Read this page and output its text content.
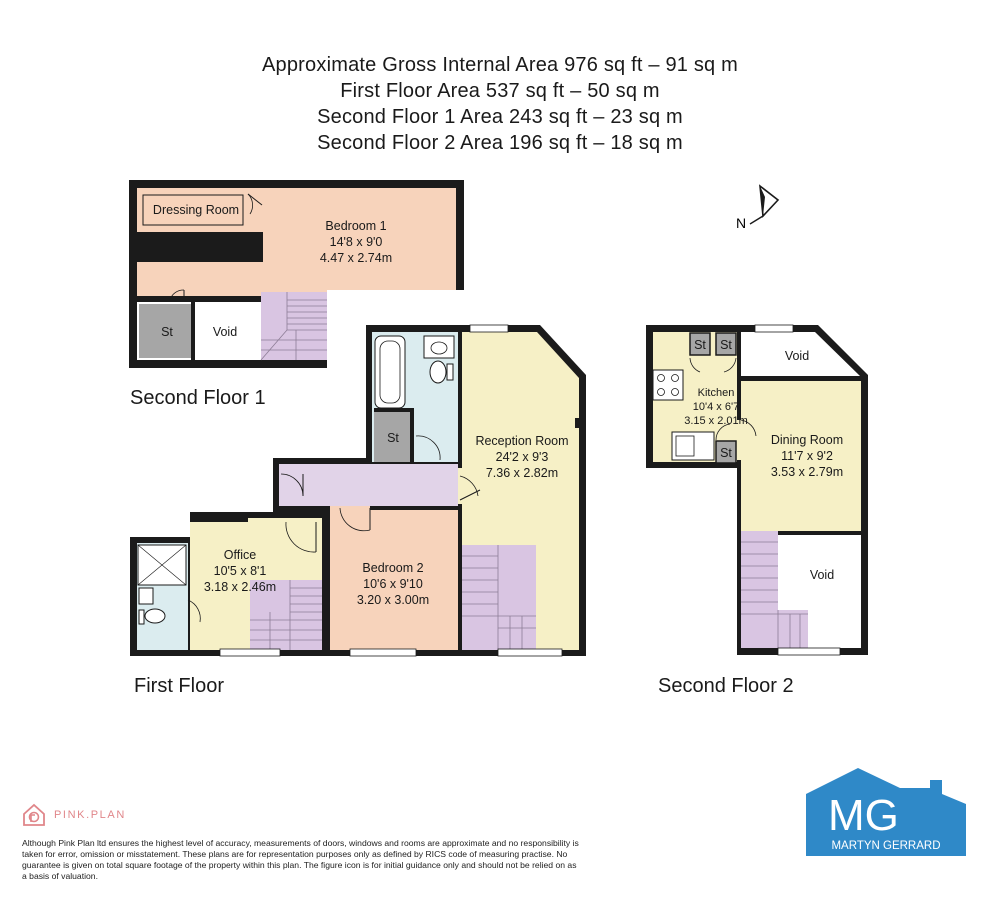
Approximate Gross Internal Area 976 sq ft – 91 sq m
First Floor Area 537 sq ft – 50 sq m
Second Floor 1 Area 243 sq ft – 23 sq m
Second Floor 2 Area 196 sq ft – 18 sq m
N
Dressing Room
Bedroom 1
14'8 x 9'0
4.47 x 2.74m
St	Void
St	Reception Room
24'2 x 9'3
7.36 x 2.82m
Bedroom 2
10'6 x 9'10
3.20 x 3.00m
Office
10'5 x 8'1
3.18 x 2.46m
St St
St
Void
Void
Dining Room
11'7 x 9'2
3.53 x 2.79m
Kitchen
10'4 x 6'7
3.15 x 2.01m
Second Floor 1
First Floor	Second Floor 2
PINK.PLAN
Although Pink Plan ltd ensures the highest level of accuracy, measurements of doors, windows and rooms are approximate and no responsibility is taken for error, omission or misstatement. These plans are for representation purposes only as defined by RICS code of measuring practise. No guarantee is given on total square footage of the property within this plan. The figure icon is for initial guidance only and should not be relied on as a basis of valuation.
MG
MARTYN GERRARD
